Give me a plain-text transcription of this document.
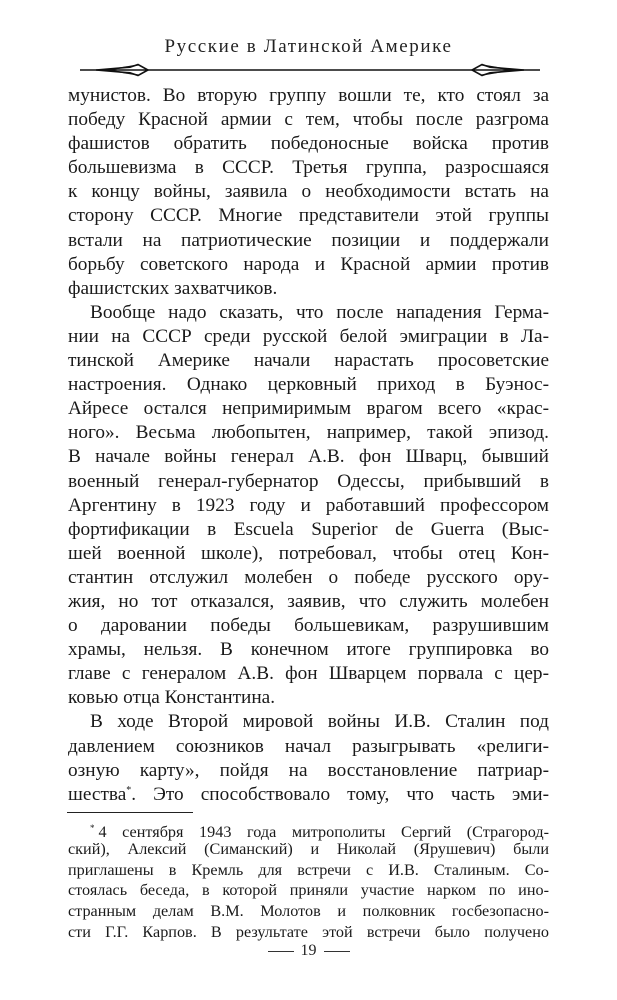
Русские в Латинской Америке

мунистов. Во вторую группу вошли те, кто стоял за
победу Красной армии с тем, чтобы после разгрома
фашистов обратить победоносные войска против
большевизма в СССР. Третья группа, разросшаяся
к концу войны, заявила о необходимости встать на
сторону СССР. Многие представители этой группы
встали на патриотические позиции и поддержали
борьбу советского народа и Красной армии против
фашистских захватчиков.

Вообще надо сказать, что после нападения Герма-
нии на СССР среди русской белой эмиграции в Ла-
тинской Америке начали нарастать просоветские
настроения. Однако церковный приход в Буэнос-
Айресе остался непримиримым врагом всего «крас-
ного». Весьма любопытен, например, такой эпизод.
В начале войны генерал А.В. фон Шварц, бывший
военный генерал-губернатор Одессы, прибывший в
Аргентину в 1923 году и работавший профессором
фортификации в Escuela Superior de Guerra (Выс-
шей военной школе), потребовал, чтобы отец Кон-
стантин отслужил молебен о победе русского ору-
жия, но тот отказался, заявив, что служить молебен
о даровании победы большевикам, разрушившим
храмы, нельзя. В конечном итоге группировка во
главе с генералом А.В. фон Шварцем порвала с цер-
ковью отца Константина.

В ходе Второй мировой войны И.В. Сталин под
давлением союзников начал разыгрывать «религи-
озную карту», пойдя на восстановление патриар-
шества*. Это способствовало тому, что часть эми-

* 4 сентября 1943 года митрополиты Сергий (Страгород-
ский), Алексий (Симанский) и Николай (Ярушевич) были
приглашены в Кремль для встречи с И.В. Сталиным. Со-
стоялась беседа, в которой приняли участие нарком по ино-
странным делам В.М. Молотов и полковник госбезопасно-
сти Г.Г. Карпов. В результате этой встречи было получено
19
